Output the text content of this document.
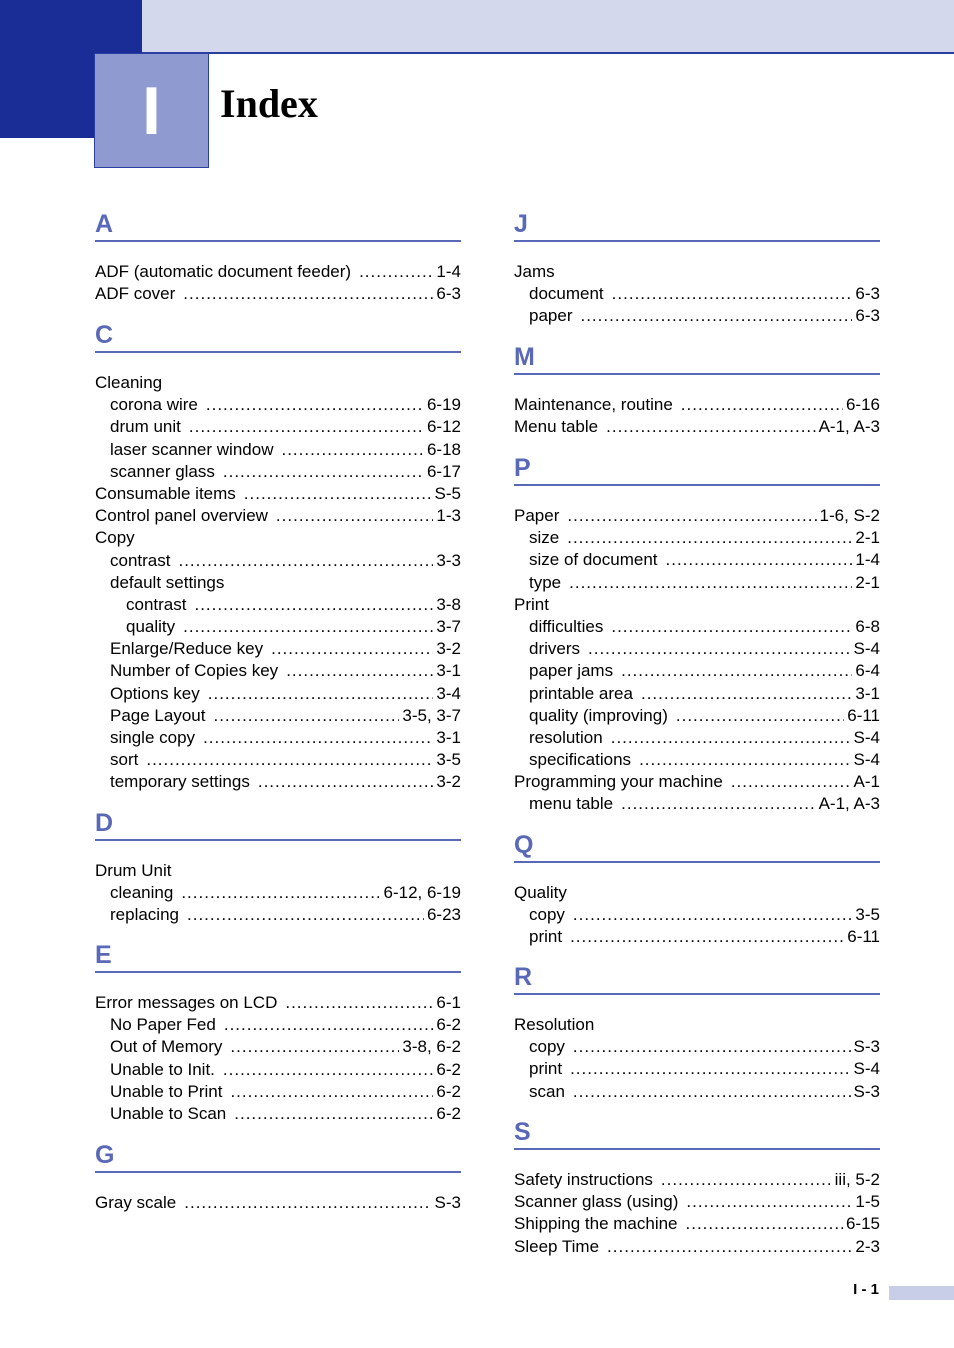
I Index
A
ADF (automatic document feeder) .....	1-4
ADF cover .....	6-3
C
Cleaning
corona wire .....	6-19
drum unit .....	6-12
laser scanner window .....	6-18
scanner glass .....	6-17
Consumable items .....	S-5
Control panel overview .....	1-3
Copy
contrast .....	3-3
default settings
contrast .....	3-8
quality .....	3-7
Enlarge/Reduce key .....	3-2
Number of Copies key .....	3-1
Options key .....	3-4
Page Layout .....	3-5, 3-7
single copy .....	3-1
sort .....	3-5
temporary settings .....	3-2
D
Drum Unit
cleaning .....	6-12, 6-19
replacing .....	6-23
E
Error messages on LCD .....	6-1
No Paper Fed .....	6-2
Out of Memory .....	3-8, 6-2
Unable to Init. .....	6-2
Unable to Print .....	6-2
Unable to Scan .....	6-2
G
Gray scale .....	S-3
J
Jams
document .....	6-3
paper .....	6-3
M
Maintenance, routine .....	6-16
Menu table .....	A-1, A-3
P
Paper .....	1-6, S-2
size .....	2-1
size of document .....	1-4
type .....	2-1
Print
difficulties .....	6-8
drivers .....	S-4
paper jams .....	6-4
printable area .....	3-1
quality (improving) .....	6-11
resolution .....	S-4
specifications .....	S-4
Programming your machine .....	A-1
menu table .....	A-1, A-3
Q
Quality
copy .....	3-5
print .....	6-11
R
Resolution
copy .....	S-3
print .....	S-4
scan .....	S-3
S
Safety instructions .....	iii, 5-2
Scanner glass (using) .....	1-5
Shipping the machine .....	6-15
Sleep Time .....	2-3
I - 1
